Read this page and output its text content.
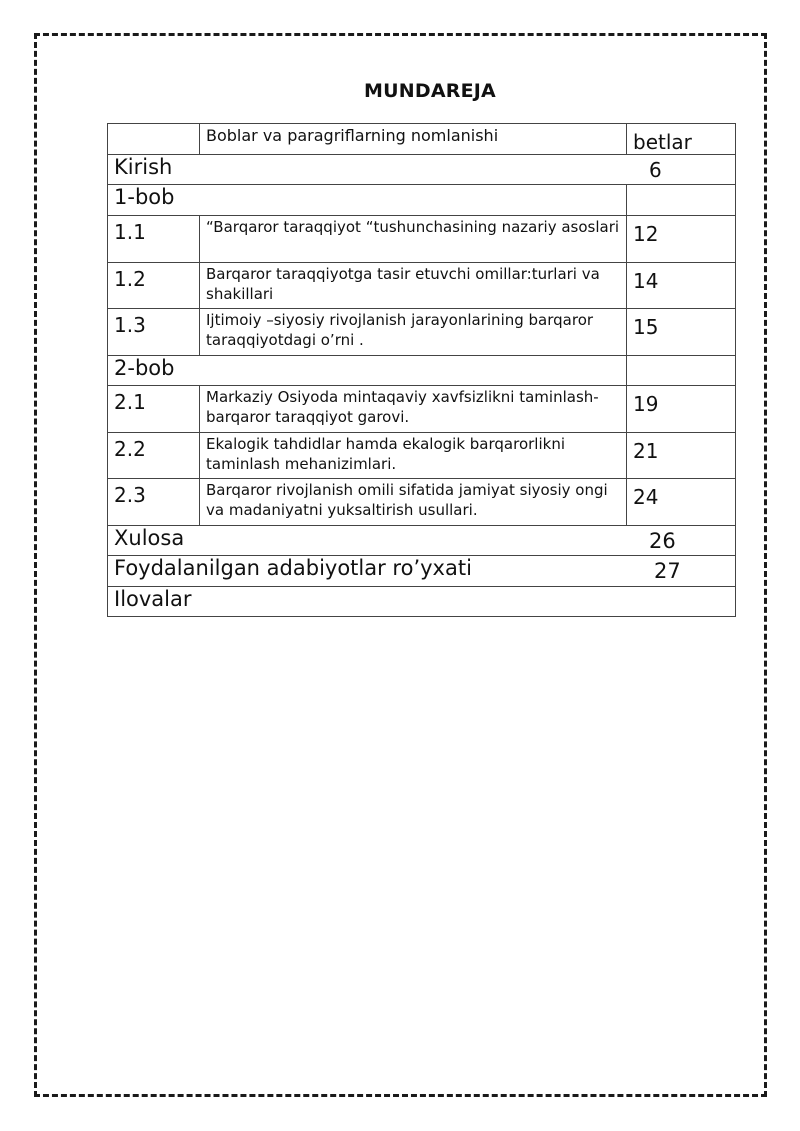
MUNDAREJA
	Boblar va paragriflarning nomlanishi	betlar
Kirish 6		

1-bob		
1.1	“Barqaror taraqqiyot “tushunchasining nazariy asoslari	12
1.2	Barqaror taraqqiyotga tasir etuvchi omillar:turlari va shakillari	14
1.3	Ijtimoiy –siyosiy rivojlanish jarayonlarining barqaror taraqqiyotdagi o’rni .	15
2-bob		
2.1	Markaziy Osiyoda mintaqaviy xavfsizlikni taminlash- barqaror taraqqiyot garovi.	19
2.2	Ekalogik tahdidlar hamda ekalogik barqarorlikni taminlash mehanizimlari.	21
2.3	Barqaror rivojlanish omili sifatida jamiyat siyosiy ongi va madaniyatni yuksaltirish usullari.	24
Xulosa 26		

Foydalanilgan adabiyotlar ro’yxati 27		

Ilovalar		
